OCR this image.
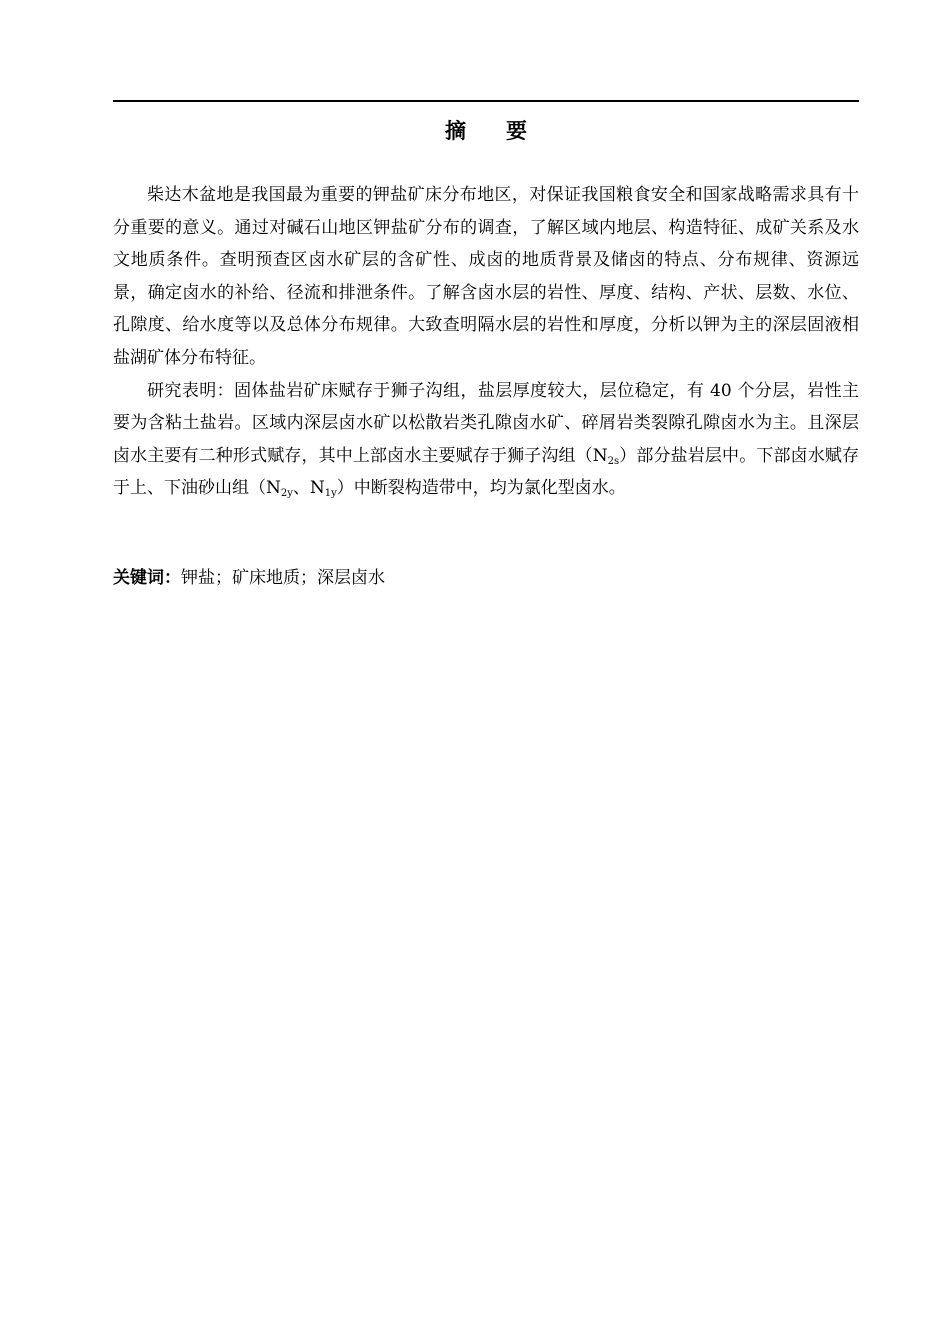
摘 要

柴达木盆地是我国最为重要的钾盐矿床分布地区，对保证我国粮食安全和国家战略需求具有十分重要的意义。通过对碱石山地区钾盐矿分布的调查，了解区域内地层、构造特征、成矿关系及水文地质条件。查明预查区卤水矿层的含矿性、成卤的地质背景及储卤的特点、分布规律、资源远景，确定卤水的补给、径流和排泄条件。了解含卤水层的岩性、厚度、结构、产状、层数、水位、孔隙度、给水度等以及总体分布规律。大致查明隔水层的岩性和厚度，分析以钾为主的深层固液相盐湖矿体分布特征。

研究表明：固体盐岩矿床赋存于狮子沟组，盐层厚度较大，层位稳定，有 40 个分层，岩性主要为含粘土盐岩。区域内深层卤水矿以松散岩类孔隙卤水矿、碎屑岩类裂隙孔隙卤水为主。且深层卤水主要有二种形式赋存，其中上部卤水主要赋存于狮子沟组$(N_{2s})$部分盐岩层中。下部卤水赋存于上、下油砂山组（$N_{2y}$、$N_{1y}$）中断裂构造带中，均为氯化型卤水。

关键词：钾盐；矿床地质；深层卤水
